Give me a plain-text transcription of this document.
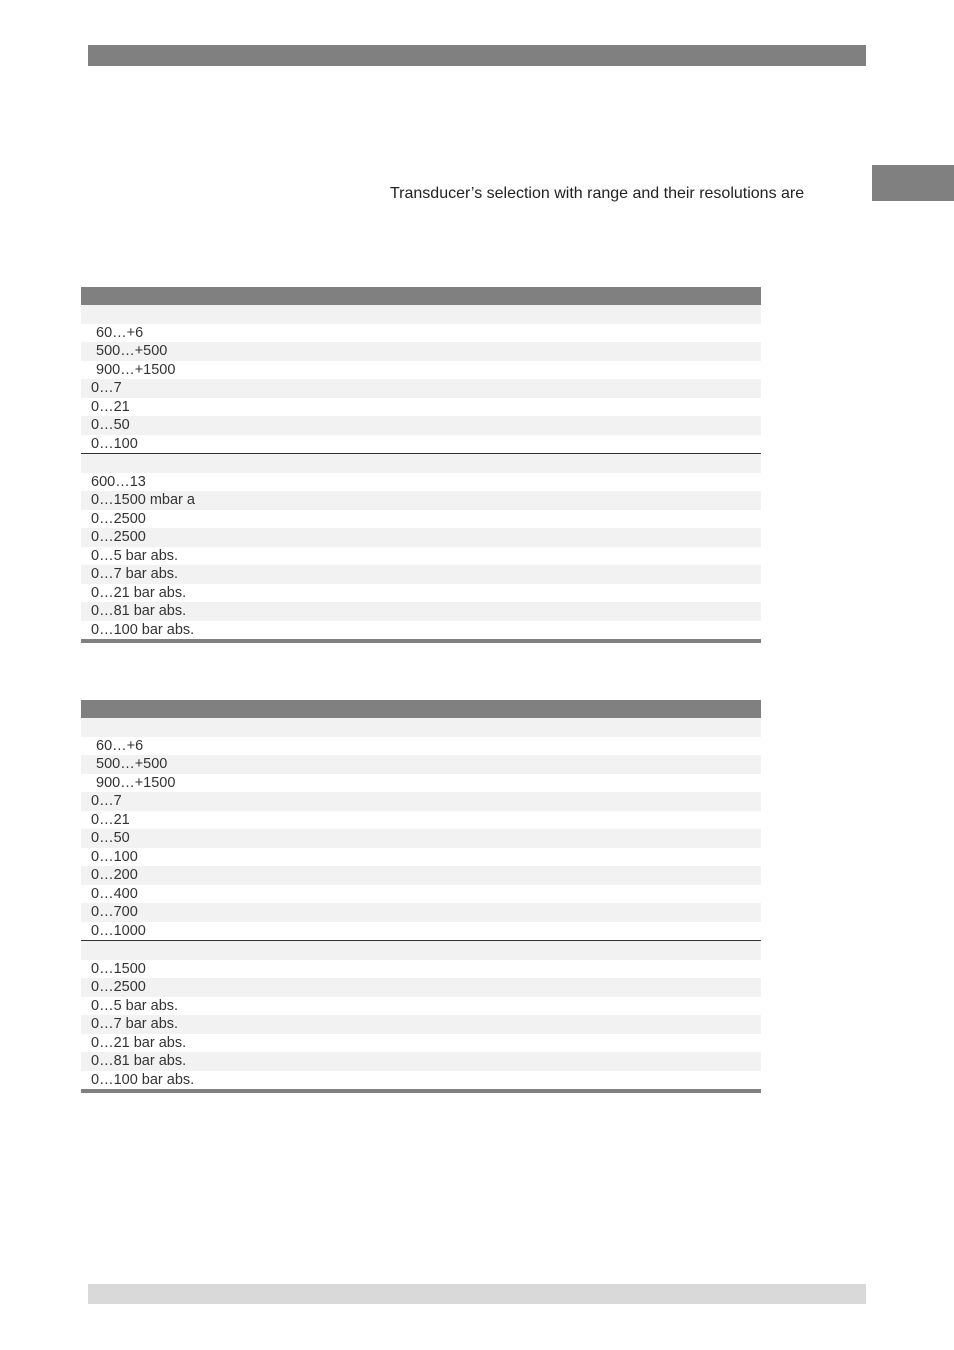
Transducer’s selection with range and their resolutions are
60…+6
500…+500
900…+1500
0…7
0…21
0…50
0…100
600…13
0…1500 mbar a
0…2500
0…2500
0…5 bar abs.
0…7 bar abs.
0…21 bar abs.
0…81 bar abs.
0…100 bar abs.
60…+6
500…+500
900…+1500
0…7
0…21
0…50
0…100
0…200
0…400
0…700
0…1000
0…1500
0…2500
0…5 bar abs.
0…7 bar abs.
0…21 bar abs.
0…81 bar abs.
0…100 bar abs.
